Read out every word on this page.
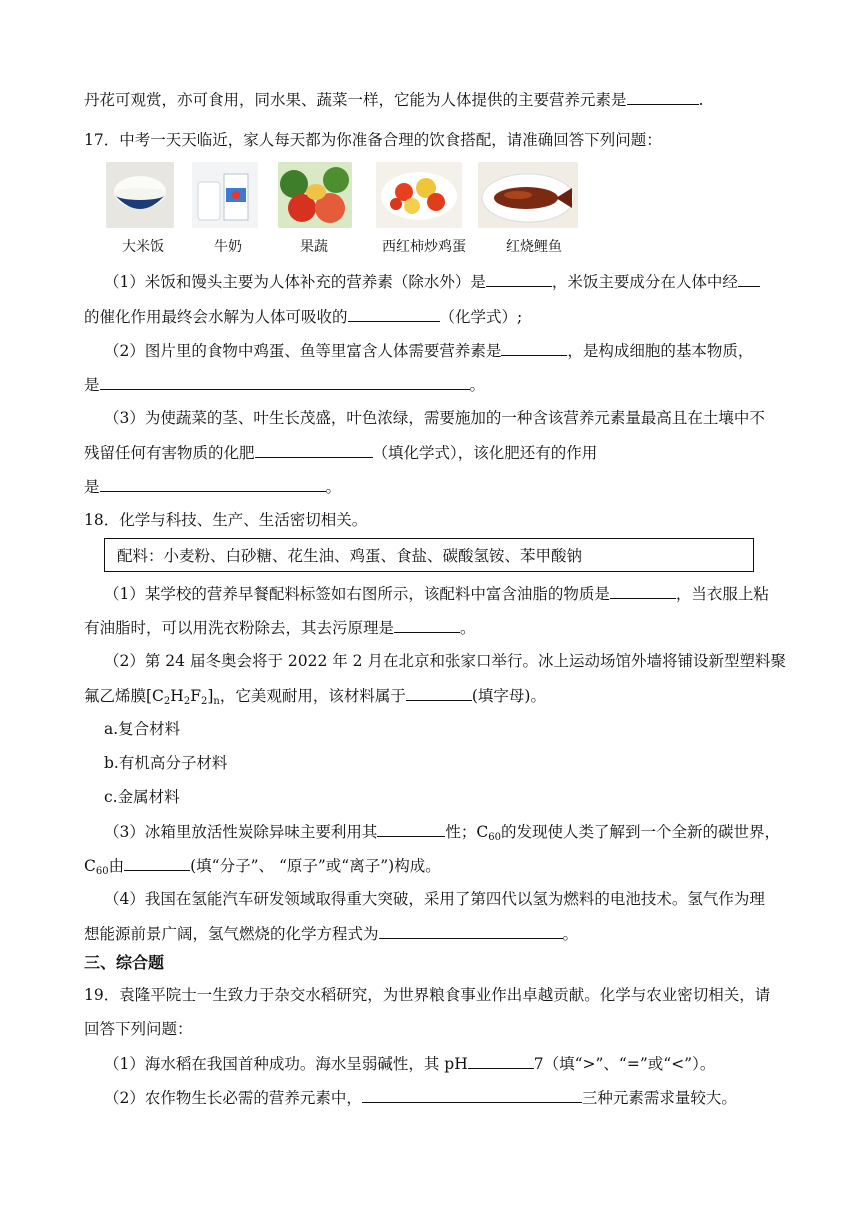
丹花可观赏，亦可食用，同水果、蔬菜一样，它能为人体提供的主要营养元素是	.
17．中考一天天临近，家人每天都为你准备合理的饮食搭配，请准确回答下列问题：
大米饭	牛奶	果蔬	西红柿炒鸡蛋	红烧鲤鱼
（1）米饭和馒头主要为人体补充的营养素（除水外）是	，米饭主要成分在人体中经
的催化作用最终会水解为人体可吸收的	（化学式）;
（2）图片里的食物中鸡蛋、鱼等里富含人体需要营养素是	，是构成细胞的基本物质，
是	。
（3）为使蔬菜的茎、叶生长茂盛，叶色浓绿，需要施加的一种含该营养元素量最高且在土壤中不
残留任何有害物质的化肥	（填化学式），该化肥还有的作用
是	。
18．化学与科技、生产、生活密切相关。
配料：小麦粉、白砂糖、花生油、鸡蛋、食盐、碳酸氢铵、苯甲酸钠
（1）某学校的营养早餐配料标签如右图所示，该配料中富含油脂的物质是	，当衣服上粘
有油脂时，可以用洗衣粉除去，其去污原理是	。
（2）第 24 届冬奥会将于 2022 年 2 月在北京和张家口举行。冰上运动场馆外墙将铺设新型塑料聚
氟乙烯膜$[C_2H_2F_2]_n$，它美观耐用，该材料属于	(填字母)。
a.复合材料
b.有机高分子材料
c.金属材料
（3）冰箱里放活性炭除异味主要利用其	性；$C_{60}$的发现使人类了解到一个全新的碳世界，
$C_{60}$由	(填“分子”、 “原子”或“离子”)构成。
（4）我国在氢能汽车研发领域取得重大突破，采用了第四代以氢为燃料的电池技术。氢气作为理
想能源前景广阔，氢气燃烧的化学方程式为	。
三、综合题
19．袁隆平院士一生致力于杂交水稻研究，为世界粮食事业作出卓越贡献。化学与农业密切相关，请
回答下列问题：
（1）海水稻在我国首种成功。海水呈弱碱性，其 pH	7（填“>”、“=”或“<”）。
（2）农作物生长必需的营养元素中，	三种元素需求量较大。
